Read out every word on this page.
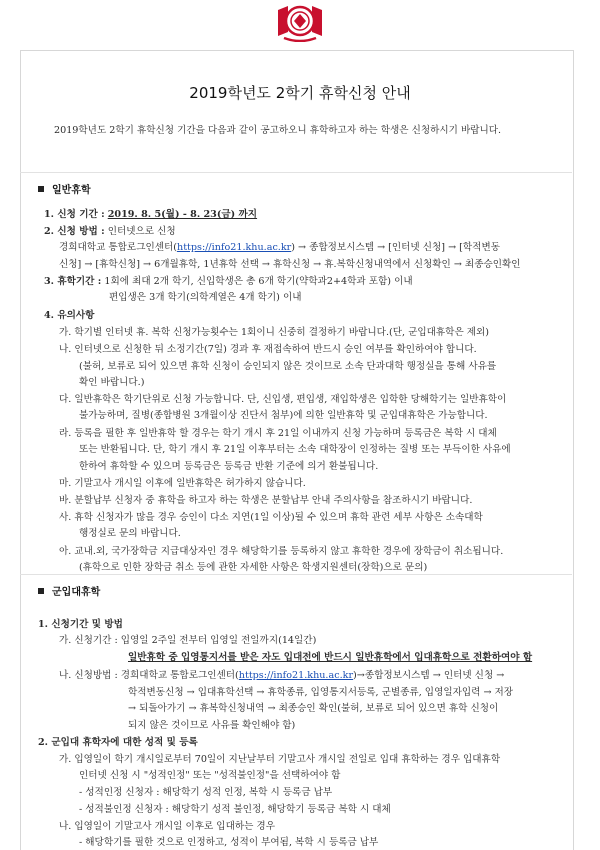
2019학년도 2학기 휴학신청 안내
2019학년도 2학기 휴학신청 기간을 다음과 같이 공고하오니 휴학하고자 하는 학생은 신청하시기 바랍니다.
일반휴학
1. 신청 기간 : 2019. 8. 5(월) - 8. 23(금) 까지
2. 신청 방법 : 인터넷으로 신청
경희대학교 통합로그인센터(https://info21.khu.ac.kr) → 종합정보시스템 → [인터넷 신청] → [학적변동
신청] → [휴학신청] → 6개월휴학, 1년휴학 선택 → 휴학신청 → 휴.복학신청내역에서 신청확인 → 최종승인확인
3. 휴학기간 : 1회에 최대 2개 학기, 신입학생은 총 6개 학기(약학과2+4학과 포함) 이내
편입생은 3개 학기(의학계열은 4개 학기) 이내
4. 유의사항
가. 학기별 인터넷 휴. 복학 신청가능횟수는 1회이니 신중히 결정하기 바랍니다.(단, 군입대휴학은 제외)
나. 인터넷으로 신청한 뒤 소정기간(7일) 경과 후 재접속하여 반드시 승인 여부를 확인하여야 합니다.
(불허, 보류로 되어 있으면 휴학 신청이 승인되지 않은 것이므로 소속 단과대학 행정실을 통해 사유를
확인 바랍니다.)
다. 일반휴학은 학기단위로 신청 가능합니다. 단, 신입생, 편입생, 재입학생은 입학한 당해학기는 일반휴학이
불가능하며, 질병(종합병원 3개월이상 진단서 첨부)에 의한 일반휴학 및 군입대휴학은 가능합니다.
라. 등록을 필한 후 일반휴학 할 경우는 학기 개시 후 21일 이내까지 신청 가능하며 등록금은 복학 시 대체
또는 반환됩니다. 단, 학기 개시 후 21일 이후부터는 소속 대학장이 인정하는 질병 또는 부득이한 사유에
한하여 휴학할 수 있으며 등록금은 등록금 반환 기준에 의거 환불됩니다.
마. 기말고사 개시일 이후에 일반휴학은 허가하지 않습니다.
바. 분할납부 신청자 중 휴학을 하고자 하는 학생은 분할납부 안내 주의사항을 참조하시기 바랍니다.
사. 휴학 신청자가 많을 경우 승인이 다소 지연(1일 이상)될 수 있으며 휴학 관련 세부 사항은 소속대학
행정실로 문의 바랍니다.
아. 교내.외, 국가장학금 지급대상자인 경우 해당학기를 등록하지 않고 휴학한 경우에 장학금이 취소됩니다.
(휴학으로 인한 장학금 취소 등에 관한 자세한 사항은 학생지원센터(장학)으로 문의)
군입대휴학
1. 신청기간 및 방법
가. 신청기간 : 입영일 2주일 전부터 입영일 전일까지(14일간)
일반휴학 중 입영통지서를 받은 자도 입대전에 반드시 일반휴학에서 입대휴학으로 전환하여야 함
나. 신청방법 : 경희대학교 통합로그인센터(https://info21.khu.ac.kr)→종합정보시스템 → 인터넷 신청 →
학적변동신청 → 입대휴학선택 → 휴학종류, 입영통지서등록, 군별종류, 입영일자입력 → 저장
→ 되돌아가기 → 휴복학신청내역 → 최종승인 확인(불허, 보류로 되어 있으면 휴학 신청이
되지 않은 것이므로 사유를 확인해야 함)
2. 군입대 휴학자에 대한 성적 및 등록
가. 입영일이 학기 개시일로부터 70일이 지난날부터 기말고사 개시일 전일로 입대 휴학하는 경우 입대휴학
인터넷 신청 시 "성적인정" 또는 "성적불인정"을 선택하여야 함
- 성적인정 신청자 : 해당학기 성적 인정, 복학 시 등록금 납부
- 성적불인정 신청자 : 해당학기 성적 불인정, 해당학기 등록금 복학 시 대체
나. 입영일이 기말고사 개시일 이후로 입대하는 경우
- 해당학기를 필한 것으로 인정하고, 성적이 부여됨, 복학 시 등록금 납부
